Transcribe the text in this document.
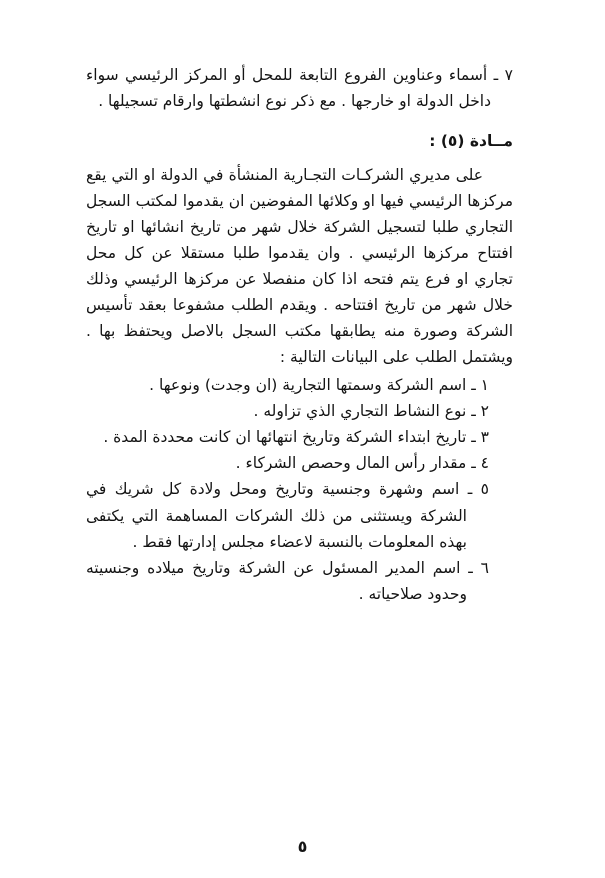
٧ ـ أسماء وعناوين الفروع التابعة للمحل أو المركز الرئيسي سواء داخل الدولة او خارجها . مع ذكر نوع انشطتها وارقام تسجيلها .

مــادة (٥) :

على مديري الشركـات التجـارية المنشأة في الدولة او التي يقع مركزها الرئيسي فيها او وكلائها المفوضين ان يقدموا لمكتب السجل التجاري طلبا لتسجيل الشركة خلال شهر من تاريخ انشائها او تاريخ افتتاح مركزها الرئيسي . وان يقدموا طلبا مستقلا عن كل محل تجاري او فرع يتم فتحه اذا كان منفصلا عن مركزها الرئيسي وذلك خلال شهر من تاريخ افتتاحه . ويقدم الطلب مشفوعا بعقد تأسيس الشركة وصورة منه يطابقها مكتب السجل بالاصل ويحتفظ بها . ويشتمل الطلب على البيانات التالية :

١ ـ اسم الشركة وسمتها التجارية (ان وجدت) ونوعها .
٢ ـ نوع النشاط التجاري الذي تزاوله .
٣ ـ تاريخ ابتداء الشركة وتاريخ انتهائها ان كانت محددة المدة .
٤ ـ مقدار رأس المال وحصص الشركاء .
٥ ـ اسم وشهرة وجنسية وتاريخ ومحل ولادة كل شريك في الشركة ويستثنى من ذلك الشركات المساهمة التي يكتفى بهذه المعلومات بالنسبة لاعضاء مجلس إدارتها فقط .
٦ ـ اسم المدير المسئول عن الشركة وتاريخ ميلاده وجنسيته وحدود صلاحياته .
٥
